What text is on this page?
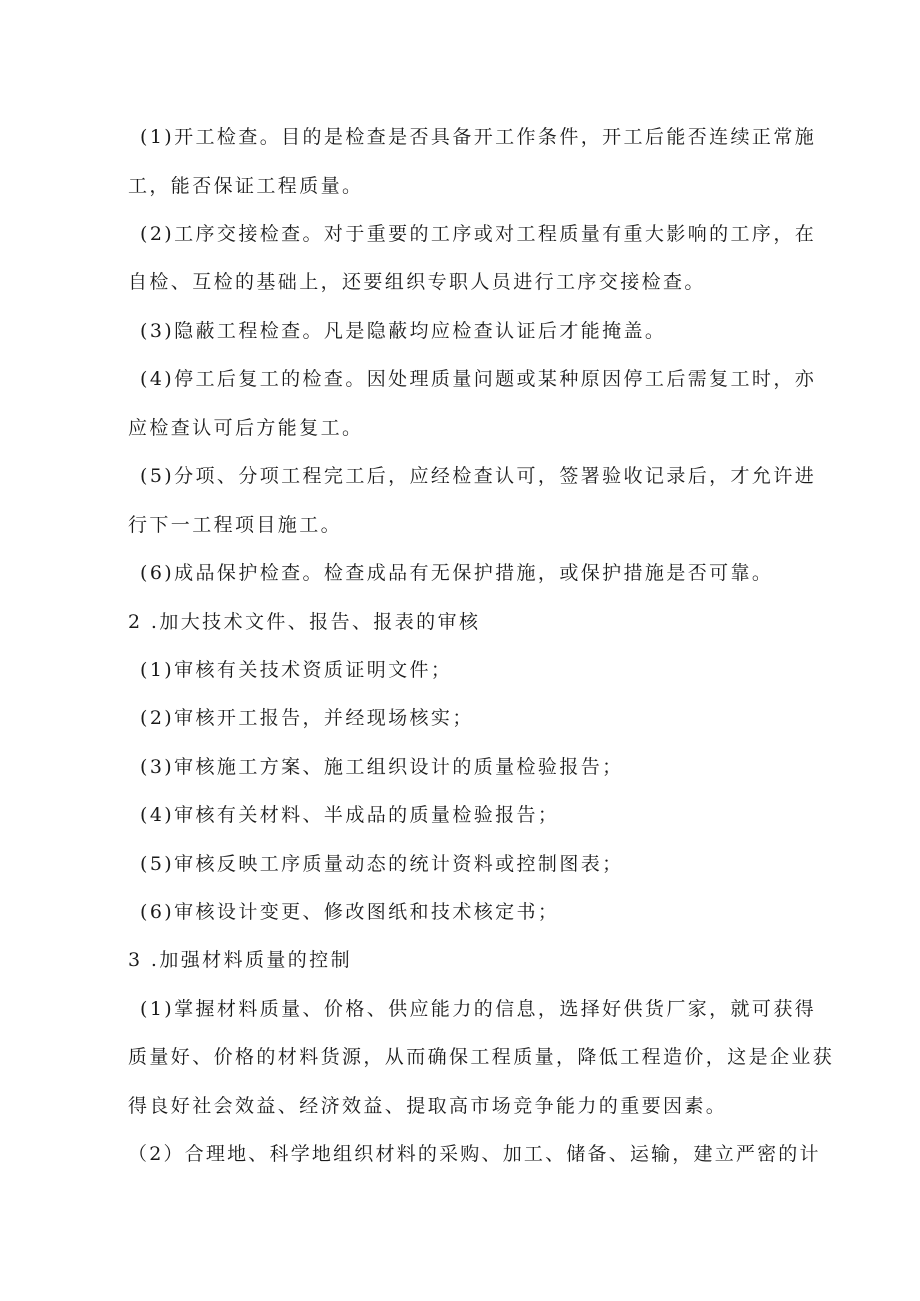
(1)开工检查。目的是检查是否具备开工作条件，开工后能否连续正常施
工，能否保证工程质量。
(2)工序交接检查。对于重要的工序或对工程质量有重大影响的工序，在
自检、互检的基础上，还要组织专职人员进行工序交接检查。
(3)隐蔽工程检查。凡是隐蔽均应检查认证后才能掩盖。
(4)停工后复工的检查。因处理质量问题或某种原因停工后需复工时，亦
应检查认可后方能复工。
(5)分项、分项工程完工后，应经检查认可，签署验收记录后，才允许进
行下一工程项目施工。
(6)成品保护检查。检查成品有无保护措施，或保护措施是否可靠。
2 .加大技术文件、报告、报表的审核
(1)审核有关技术资质证明文件；
(2)审核开工报告，并经现场核实；
(3)审核施工方案、施工组织设计的质量检验报告；
(4)审核有关材料、半成品的质量检验报告；
(5)审核反映工序质量动态的统计资料或控制图表；
(6)审核设计变更、修改图纸和技术核定书；
3 .加强材料质量的控制
(1)掌握材料质量、价格、供应能力的信息，选择好供货厂家，就可获得
质量好、价格的材料货源，从而确保工程质量，降低工程造价，这是企业获
得良好社会效益、经济效益、提取高市场竞争能力的重要因素。
（2）合理地、科学地组织材料的采购、加工、储备、运输，建立严密的计
